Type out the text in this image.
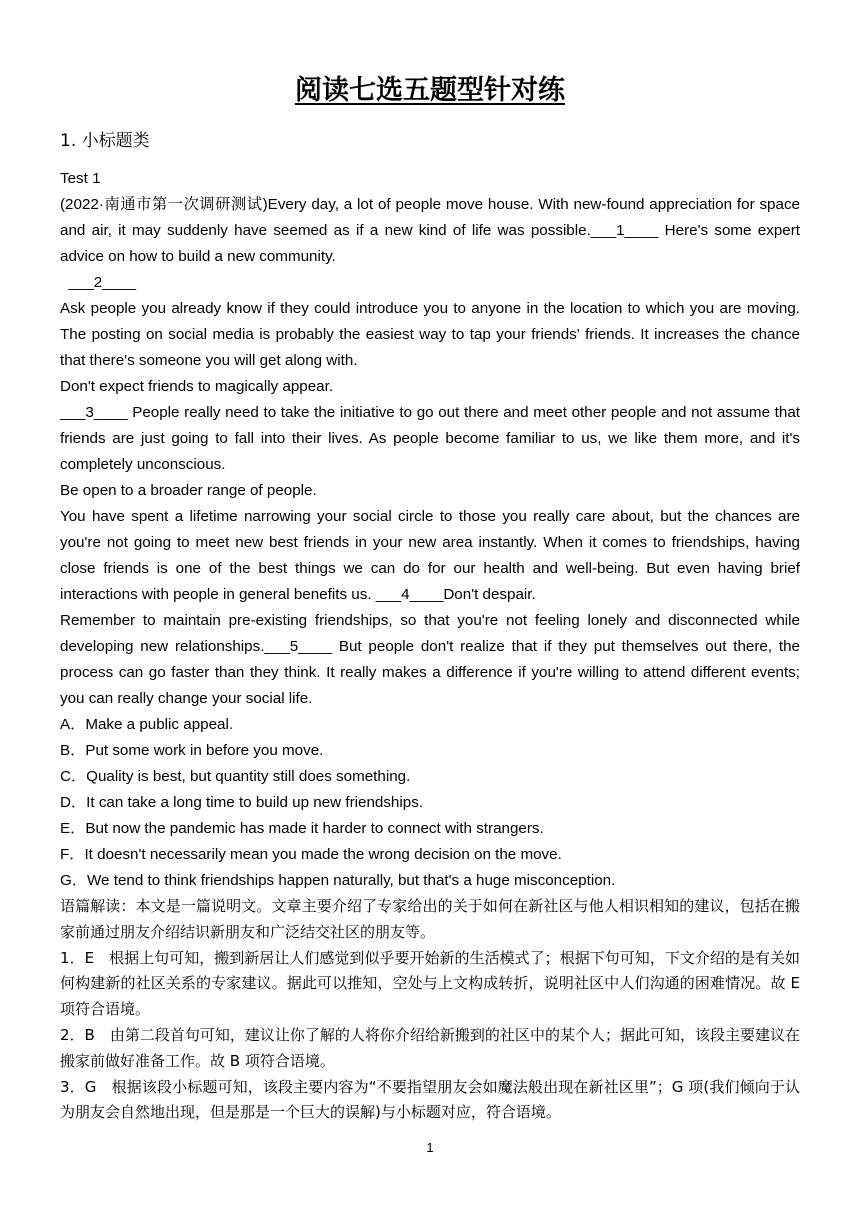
阅读七选五题型针对练
1. 小标题类

Test 1

(2022·南通市第一次调研测试)Every day, a lot of people move house. With new-found appreciation for space and air, it may suddenly have seemed as if a new kind of life was possible.___1____ Here's some expert advice on how to build a new community.

___2____

Ask people you already know if they could introduce you to anyone in the location to which you are moving. The posting on social media is probably the easiest way to tap your friends' friends. It increases the chance that there's someone you will get along with.

Don't expect friends to magically appear.

___3____ People really need to take the initiative to go out there and meet other people and not assume that friends are just going to fall into their lives. As people become familiar to us, we like them more, and it's completely unconscious.

Be open to a broader range of people.

You have spent a lifetime narrowing your social circle to those you really care about, but the chances are you're not going to meet new best friends in your new area instantly. When it comes to friendships, having close friends is one of the best things we can do for our health and well-being. But even having brief interactions with people in general benefits us. ___4____Don't despair.

Remember to maintain pre-existing friendships, so that you're not feeling lonely and disconnected while developing new relationships.___5____ But people don't realize that if they put themselves out there, the process can go faster than they think. It really makes a difference if you're willing to attend different events; you can really change your social life.

A．Make a public appeal.

B．Put some work in before you move.

C．Quality is best, but quantity still does something.

D．It can take a long time to build up new friendships.

E．But now the pandemic has made it harder to connect with strangers.

F．It doesn't necessarily mean you made the wrong decision on the move.

G．We tend to think friendships happen naturally, but that's a huge misconception.

语篇解读：本文是一篇说明文。文章主要介绍了专家给出的关于如何在新社区与他人相识相知的建议，包括在搬家前通过朋友介绍结识新朋友和广泛结交社区的朋友等。

1．E　根据上句可知，搬到新居让人们感觉到似乎要开始新的生活模式了；根据下句可知，下文介绍的是有关如何构建新的社区关系的专家建议。据此可以推知，空处与上文构成转折，说明社区中人们沟通的困难情况。故 E 项符合语境。

2．B　由第二段首句可知，建议让你了解的人将你介绍给新搬到的社区中的某个人；据此可知，该段主要建议在搬家前做好准备工作。故 B 项符合语境。

3．G　根据该段小标题可知，该段主要内容为“不要指望朋友会如魔法般出现在新社区里”；G 项(我们倾向于认为朋友会自然地出现，但是那是一个巨大的误解)与小标题对应，符合语境。

1
